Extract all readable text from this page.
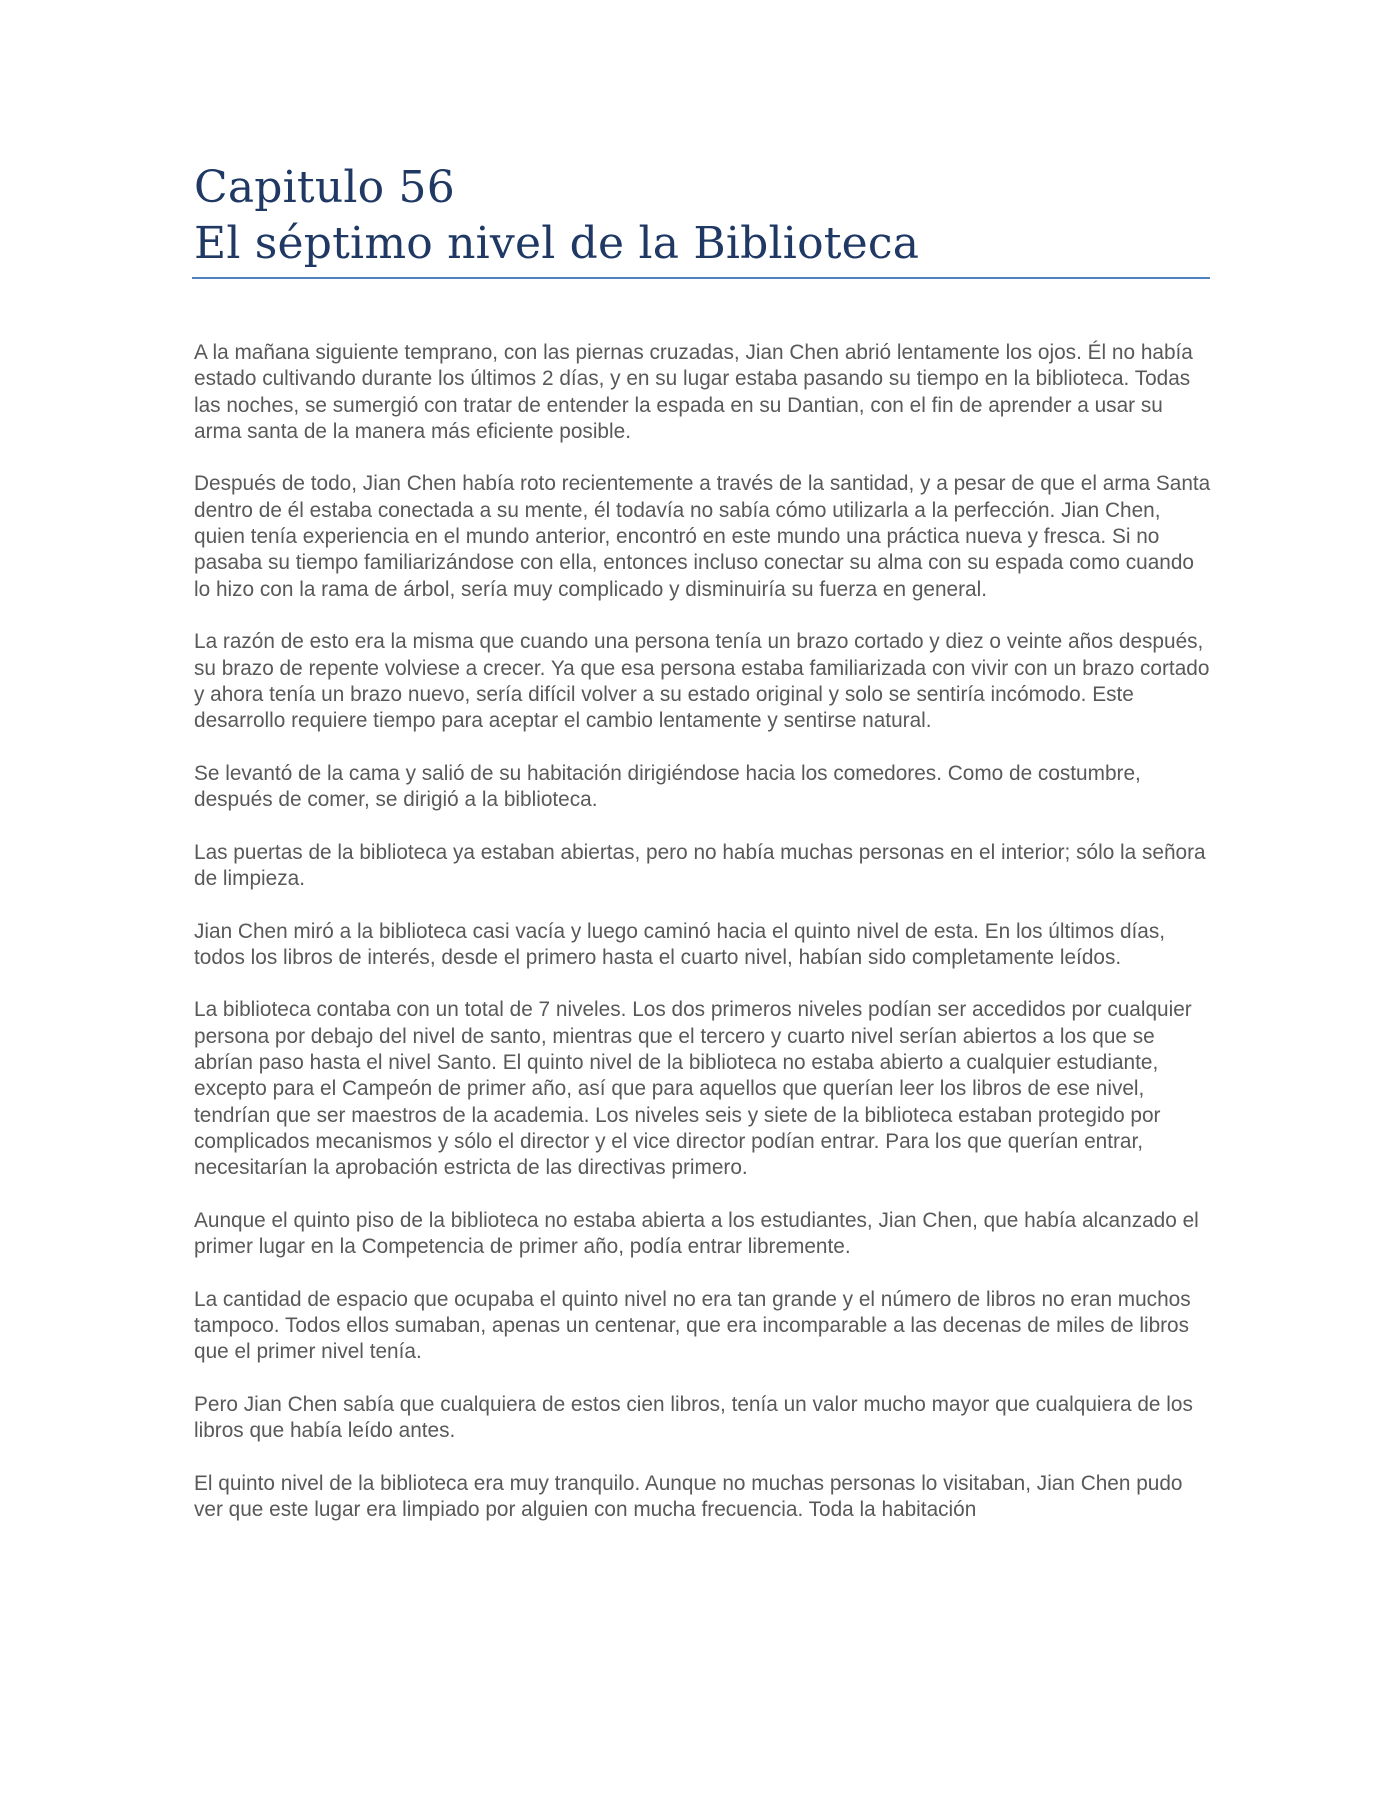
Capitulo 56
El séptimo nivel de la Biblioteca

A la mañana siguiente temprano, con las piernas cruzadas, Jian Chen abrió lentamente los ojos. Él no había estado cultivando durante los últimos 2 días, y en su lugar estaba pasando su tiempo en la biblioteca. Todas las noches, se sumergió con tratar de entender la espada en su Dantian, con el fin de aprender a usar su arma santa de la manera más eficiente posible.

Después de todo, Jian Chen había roto recientemente a través de la santidad, y a pesar de que el arma Santa dentro de él estaba conectada a su mente, él todavía no sabía cómo utilizarla a la perfección. Jian Chen, quien tenía experiencia en el mundo anterior, encontró en este mundo una práctica nueva y fresca. Si no pasaba su tiempo familiarizándose con ella, entonces incluso conectar su alma con su espada como cuando lo hizo con la rama de árbol, sería muy complicado y disminuiría su fuerza en general.

La razón de esto era la misma que cuando una persona tenía un brazo cortado y diez o veinte años después, su brazo de repente volviese a crecer. Ya que esa persona estaba familiarizada con vivir con un brazo cortado y ahora tenía un brazo nuevo, sería difícil volver a su estado original y solo se sentiría incómodo. Este desarrollo requiere tiempo para aceptar el cambio lentamente y sentirse natural.

Se levantó de la cama y salió de su habitación dirigiéndose hacia los comedores. Como de costumbre, después de comer, se dirigió a la biblioteca.

Las puertas de la biblioteca ya estaban abiertas, pero no había muchas personas en el interior; sólo la señora de limpieza.

Jian Chen miró a la biblioteca casi vacía y luego caminó hacia el quinto nivel de esta. En los últimos días, todos los libros de interés, desde el primero hasta el cuarto nivel, habían sido completamente leídos.

La biblioteca contaba con un total de 7 niveles. Los dos primeros niveles podían ser accedidos por cualquier persona por debajo del nivel de santo, mientras que el tercero y cuarto nivel serían abiertos a los que se abrían paso hasta el nivel Santo. El quinto nivel de la biblioteca no estaba abierto a cualquier estudiante, excepto para el Campeón de primer año, así que para aquellos que querían leer los libros de ese nivel, tendrían que ser maestros de la academia. Los niveles seis y siete de la biblioteca estaban protegido por complicados mecanismos y sólo el director y el vice director podían entrar. Para los que querían entrar, necesitarían la aprobación estricta de las directivas primero.

Aunque el quinto piso de la biblioteca no estaba abierta a los estudiantes, Jian Chen, que había alcanzado el primer lugar en la Competencia de primer año, podía entrar libremente.

La cantidad de espacio que ocupaba el quinto nivel no era tan grande y el número de libros no eran muchos tampoco. Todos ellos sumaban, apenas un centenar, que era incomparable a las decenas de miles de libros que el primer nivel tenía.

Pero Jian Chen sabía que cualquiera de estos cien libros, tenía un valor mucho mayor que cualquiera de los libros que había leído antes.

El quinto nivel de la biblioteca era muy tranquilo. Aunque no muchas personas lo visitaban, Jian Chen pudo ver que este lugar era limpiado por alguien con mucha frecuencia. Toda la habitación
